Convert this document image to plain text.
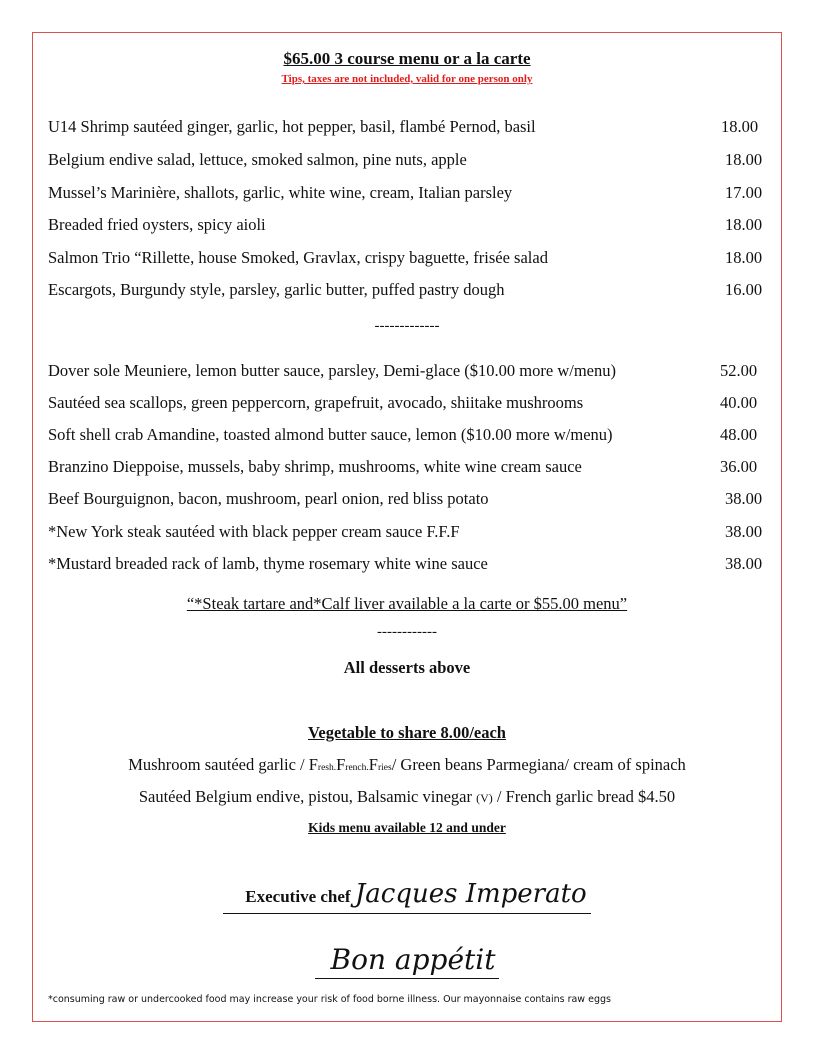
$65.00 3 course menu or a la carte
Tips, taxes are not included, valid for one person only
U14 Shrimp sautéed ginger, garlic, hot pepper, basil, flambé Pernod, basil	18.00
Belgium endive salad, lettuce, smoked salmon, pine nuts, apple	18.00
Mussel’s Marinière, shallots, garlic, white wine, cream, Italian parsley	17.00
Breaded fried oysters, spicy aioli	18.00
Salmon Trio “Rillette, house Smoked, Gravlax, crispy baguette, frisée salad	18.00
Escargots, Burgundy style, parsley, garlic butter, puffed pastry dough	16.00
-------------
Dover sole Meuniere, lemon butter sauce, parsley, Demi-glace ($10.00 more w/menu)	52.00
Sautéed sea scallops, green peppercorn, grapefruit, avocado, shiitake mushrooms	40.00
Soft shell crab Amandine, toasted almond butter sauce, lemon ($10.00 more w/menu)	48.00
Branzino Dieppoise, mussels, baby shrimp, mushrooms, white wine cream sauce	36.00
Beef Bourguignon, bacon, mushroom, pearl onion, red bliss potato	38.00
*New York steak sautéed with black pepper cream sauce F.F.F	38.00
*Mustard breaded rack of lamb, thyme rosemary white wine sauce	38.00
“*Steak tartare and*Calf liver available a la carte or $55.00 menu”
------------
All desserts above
Vegetable to share 8.00/each
Mushroom sautéed garlic / Fresh.French.Fries/ Green beans Parmegiana/ cream of spinach
Sautéed Belgium endive, pistou, Balsamic vinegar (V) / French garlic bread $4.50
Kids menu available 12 and under
Executive chef Jacques Imperato
Bon appétit
*consuming raw or undercooked food may increase your risk of food borne illness. Our mayonnaise contains raw eggs
